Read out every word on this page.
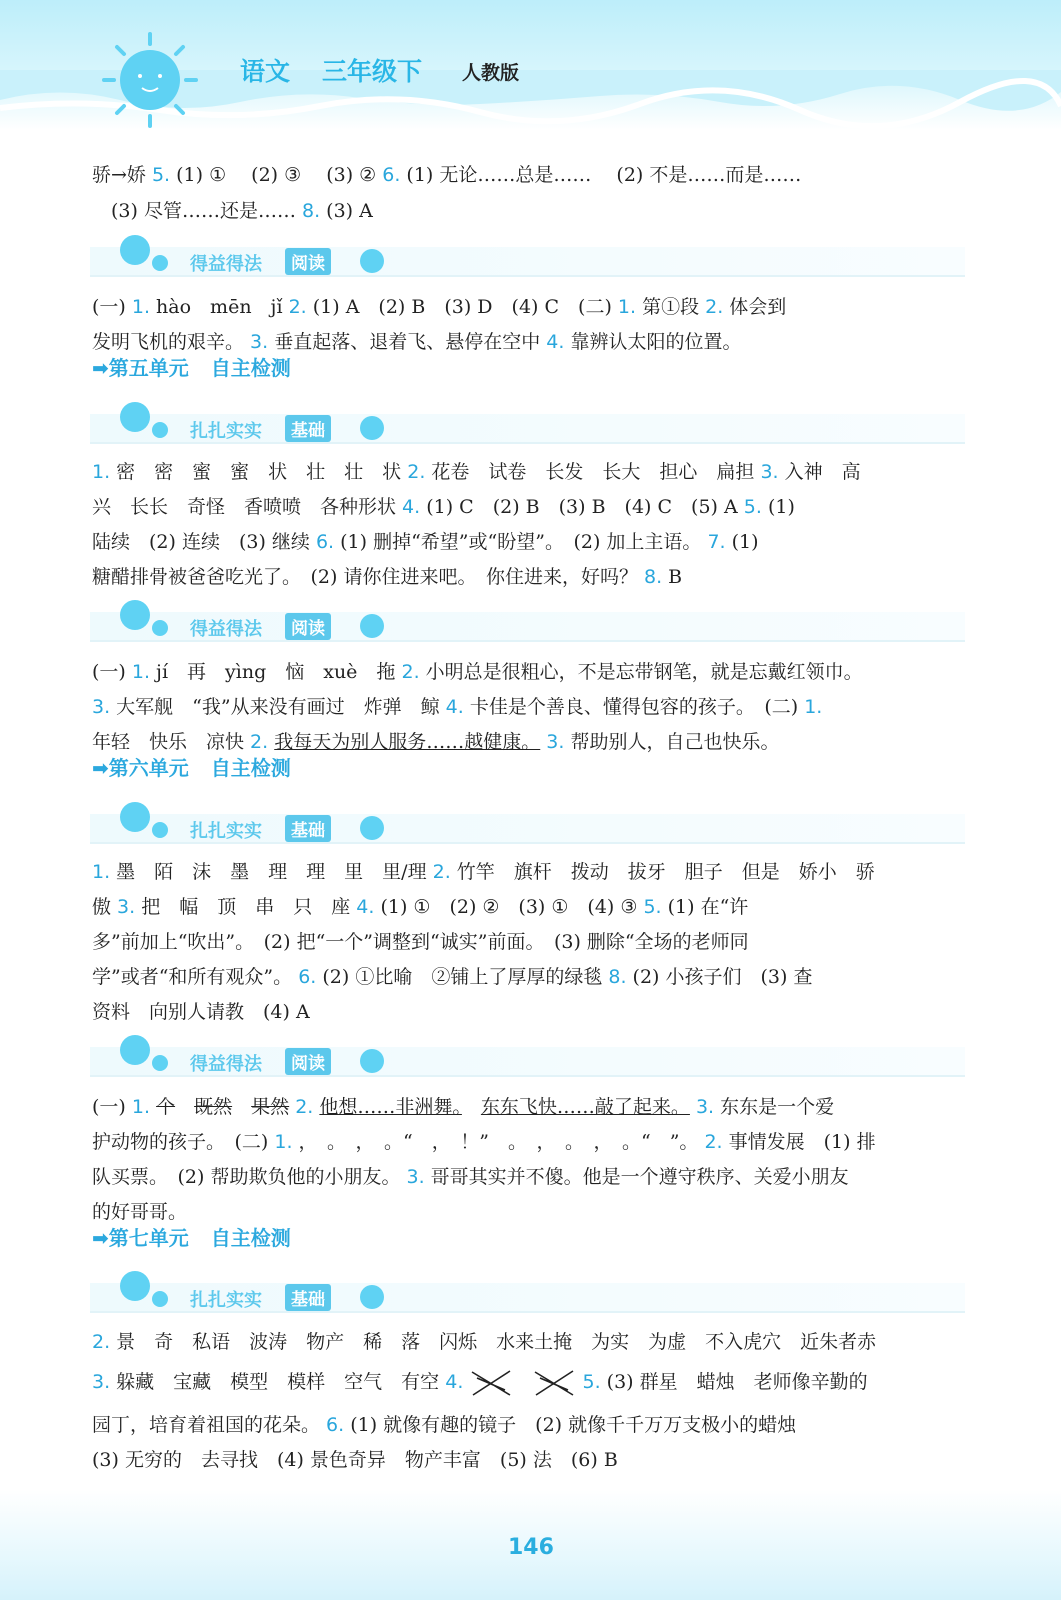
语文 三年级下 人教版
骄→娇 5. (1) ①　 (2) ③　 (3) ② 6. (1) 无论……总是……　 (2) 不是……而是……
　(3) 尽管……还是…… 8. (3) A
得益得法	阅读
(一) 1. hào　mēn　jǐ 2. (1) A　(2) B　(3) D　(4) C　(二) 1. 第①段 2. 体会到
发明飞机的艰辛。 3. 垂直起落、退着飞、悬停在空中 4. 靠辨认太阳的位置。
➡第五单元 自主检测
扎扎实实	基础
1. 密　密　蜜　蜜　状　壮　壮　状 2. 花卷　试卷　长发　长大　担心　扁担 3. 入神　高
兴　长长　奇怪　香喷喷　各种形状 4. (1) C　(2) B　(3) B　(4) C　(5) A 5. (1)
陆续　(2) 连续　(3) 继续 6. (1) 删掉“希望”或“盼望”。　(2) 加上主语。 7. (1)
糖醋排骨被爸爸吃光了。　(2) 请你住进来吧。　你住进来，好吗？ 8. B
得益得法	阅读
(一) 1. jí　再　yìng　恼　xuè　拖 2. 小明总是很粗心，不是忘带钢笔，就是忘戴红领巾。
3. 大军舰　“我”从来没有画过　炸弹　鲸 4. 卡佳是个善良、懂得包容的孩子。　(二) 1.
年轻　快乐　凉快 2. 我每天为别人服务……越健康。 3. 帮助别人，自己也快乐。
➡第六单元 自主检测
扎扎实实	基础
1. 墨　陌　沫　墨　理　理　里　里/理 2. 竹竿　旗杆　拨动　拔牙　胆子　但是　娇小　骄
傲 3. 把　幅　顶　串　只　座 4. (1) ①　(2) ②　(3) ①　(4) ③ 5. (1) 在“许
多”前加上“吹出”。　(2) 把“一个”调整到“诚实”前面。　(3) 删除“全场的老师同
学”或者“和所有观众”。 6. (2) ①比喻　②铺上了厚厚的绿毯 8. (2) 小孩子们　(3) 查
资料　向别人请教　(4) A
得益得法	阅读
(一) 1. 个　 既然　 果然 2. 他想……非洲舞。　 东东飞快……敲了起来。 3. 东东是一个爱
护动物的孩子。　(二) 1. ，　。　，　。“　，　！”　。　，　。　，　。“　”。 2. 事情发展　(1) 排
队买票。　(2) 帮助欺负他的小朋友。 3. 哥哥其实并不傻。他是一个遵守秩序、关爱小朋友
的好哥哥。
➡第七单元 自主检测
扎扎实实	基础
2. 景　奇　私语　波涛　物产　稀　落　闪烁　水来土掩　为实　为虚　不入虎穴　近朱者赤
3. 躲藏　宝藏　模型　模样　空气　有空 4. 　	5. (3) 群星　蜡烛　老师像辛勤的
园丁，培育着祖国的花朵。 6. (1) 就像有趣的镜子　(2) 就像千千万万支极小的蜡烛
(3) 无穷的　去寻找　(4) 景色奇异　物产丰富　(5) 法　(6) B
146
